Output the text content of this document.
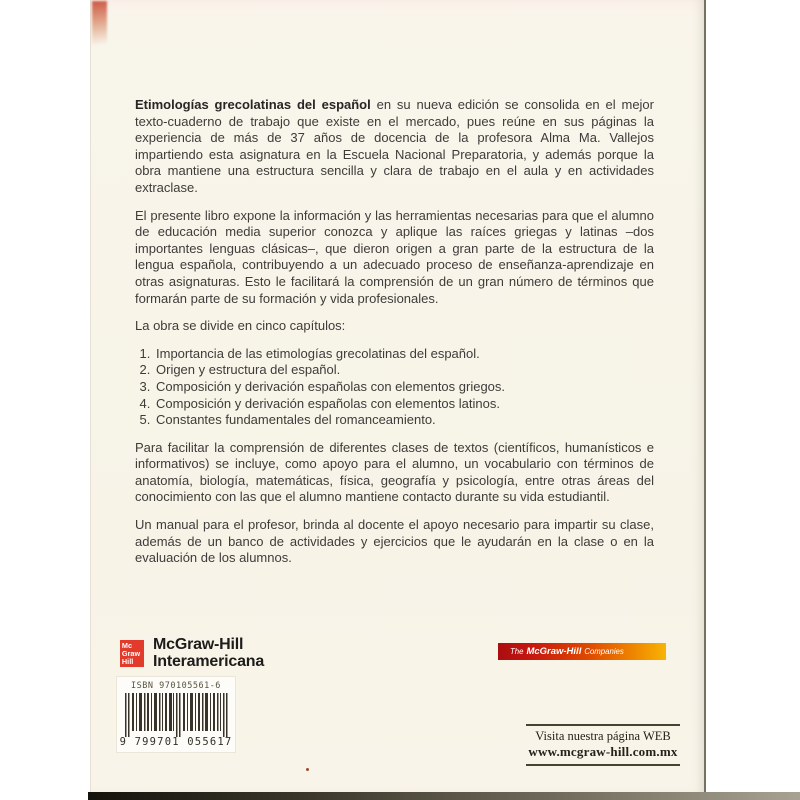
Etimologías grecolatinas del español en su nueva edición se consolida en el mejor texto-cuaderno de trabajo que existe en el mercado, pues reúne en sus páginas la experiencia de más de 37 años de docencia de la profesora Alma Ma. Vallejos impartiendo esta asignatura en la Escuela Nacional Preparatoria, y además porque la obra mantiene una estructura sencilla y clara de trabajo en el aula y en actividades extraclase.

El presente libro expone la información y las herramientas necesarias para que el alumno de educación media superior conozca y aplique las raíces griegas y latinas –dos importantes lenguas clásicas–, que dieron origen a gran parte de la estructura de la lengua española, contribuyendo a un adecuado proceso de enseñanza-aprendizaje en otras asignaturas. Esto le facilitará la comprensión de un gran número de términos que formarán parte de su formación y vida profesionales.

La obra se divide en cinco capítulos:

1. Importancia de las etimologías grecolatinas del español.
2. Origen y estructura del español.
3. Composición y derivación españolas con elementos griegos.
4. Composición y derivación españolas con elementos latinos.
5. Constantes fundamentales del romanceamiento.

Para facilitar la comprensión de diferentes clases de textos (científicos, humanísticos e informativos) se incluye, como apoyo para el alumno, un vocabulario con términos de anatomía, biología, matemáticas, física, geografía y psicología, entre otras áreas del conocimiento con las que el alumno mantiene contacto durante su vida estudiantil.

Un manual para el profesor, brinda al docente el apoyo necesario para impartir su clase, además de un banco de actividades y ejercicios que le ayudarán en la clase o en la evaluación de los alumnos.

Mc
Graw
Hill
McGraw-Hill
Interamericana
ISBN 970105561-6
9 799701 055617
The McGraw-Hill Companies
Visita nuestra página WEB
www.mcgraw-hill.com.mx
